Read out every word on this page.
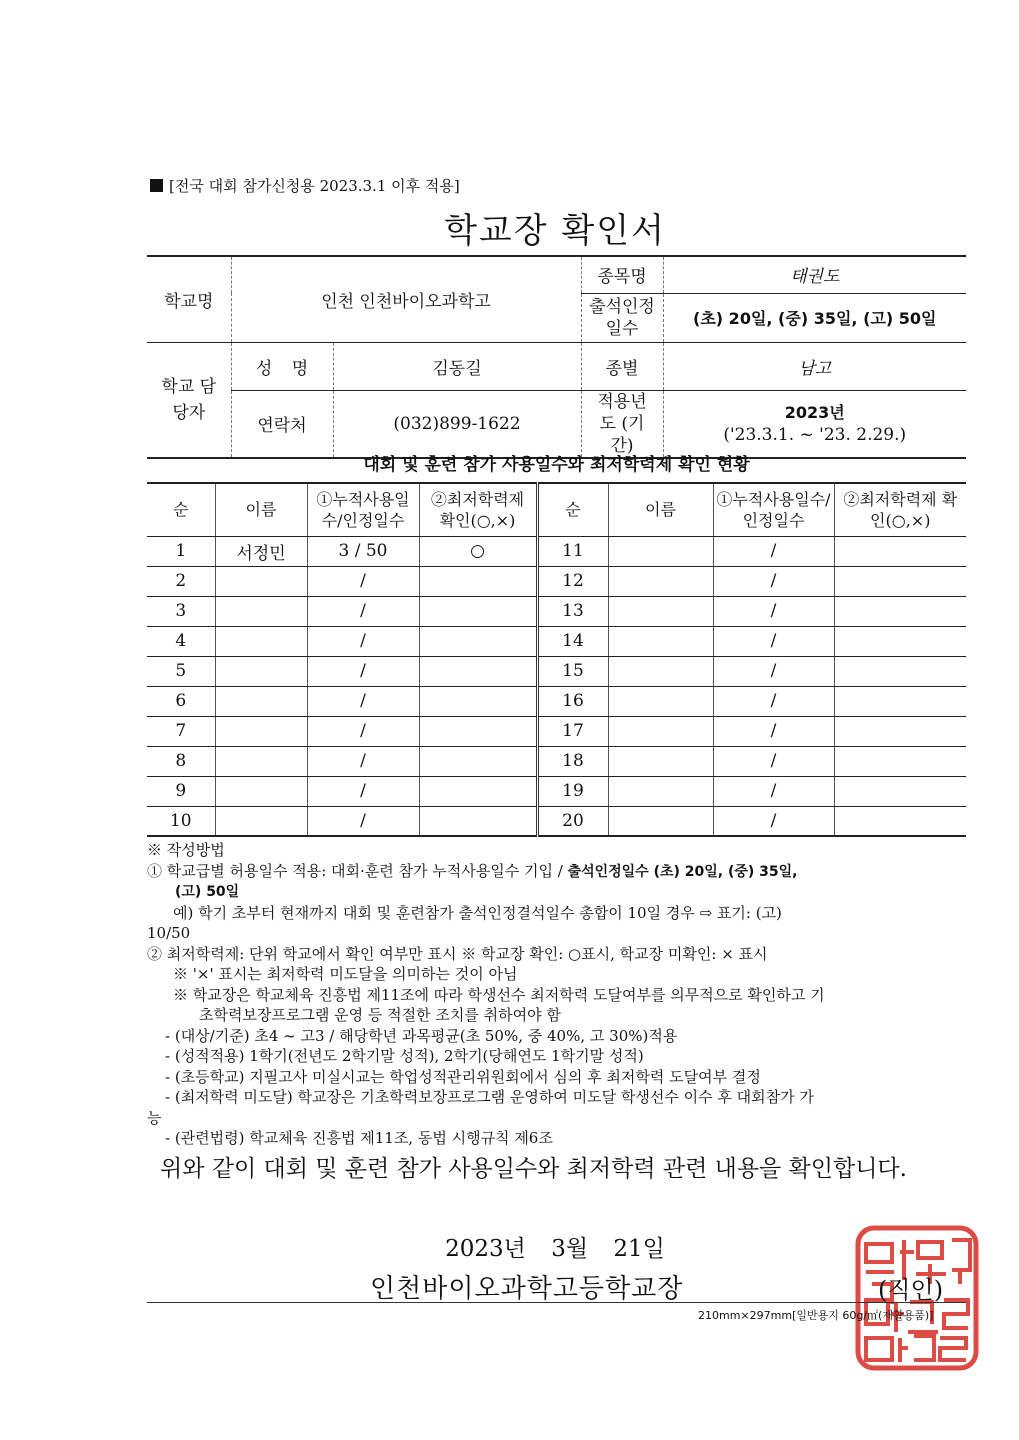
[전국 대회 참가신청용 2023.3.1 이후 적용]
학교장 확인서
학교명	인천 인천바이오과학고		종목명	태권도
			출석인정 일수	(초) 20일, (중) 35일, (고) 50일
학교 담당자	성 명	김동길	종별	남고
	연락처	(032)899-1622	적용년도 (기간)	2023년
('23.3.1. ~ '23. 2.29.)
대회 및 훈련 참가 사용일수와 최저학력제 확인 현황
순	이름	①누적사용일수/인정일수	②최저학력제 확인(○,×)	순	이름	①누적사용일수/인정일수	②최저학력제 확인(○,×)
1	서정민	3 / 50	○	11		/	
2		/		12		/	
3		/		13		/	
4		/		14		/	
5		/		15		/	
6		/		16		/	
7		/		17		/	
8		/		18		/	
9		/		19		/	
10		/		20		/	
※ 작성방법
① 학교급별 허용일수 적용: 대회·훈련 참가 누적사용일수 기입 / 출석인정일수 (초) 20일, (중) 35일,
(고) 50일
예) 학기 초부터 현재까지 대회 및 훈련참가 출석인정결석일수 총합이 10일 경우 ⇨ 표기: (고)
10/50
② 최저학력제: 단위 학교에서 확인 여부만 표시 ※ 학교장 확인: ○표시, 학교장 미확인: × 표시
※ '×' 표시는 최저학력 미도달을 의미하는 것이 아님
※ 학교장은 학교체육 진흥법 제11조에 따라 학생선수 최저학력 도달여부를 의무적으로 확인하고 기
초학력보장프로그램 운영 등 적절한 조치를 취하여야 함
- (대상/기준) 초4 ~ 고3 / 해당학년 과목평균(초 50%, 중 40%, 고 30%)적용
- (성적적용) 1학기(전년도 2학기말 성적), 2학기(당해연도 1학기말 성적)
- (초등학교) 지필고사 미실시교는 학업성적관리위원회에서 심의 후 최저학력 도달여부 결정
- (최저학력 미도달) 학교장은 기초학력보장프로그램 운영하여 미도달 학생선수 이수 후 대회참가 가
능
- (관련법령) 학교체육 진흥법 제11조, 동법 시행규칙 제6조
위와 같이 대회 및 훈련 참가 사용일수와 최저학력 관련 내용을 확인합니다.
2023년 3월 21일
인천바이오과학고등학교장	(직인)
210mm×297mm[일반용지 60g/㎡(재활용품)]
